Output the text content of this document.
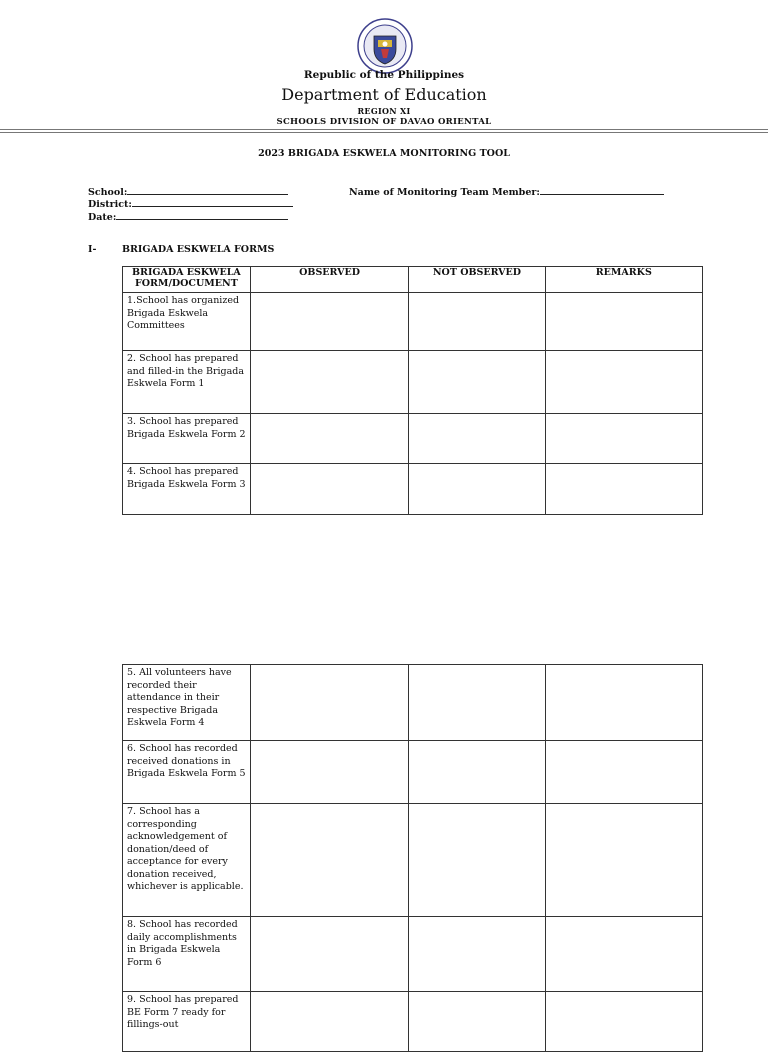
Republic of the Philippines
Department of Education
REGION XI
SCHOOLS DIVISION OF DAVAO ORIENTAL
2023 BRIGADA ESKWELA MONITORING TOOL
School:
District:
Date:
Name of Monitoring Team Member:
I-	BRIGADA ESKWELA FORMS
BRIGADA ESKWELA FORM/DOCUMENT	OBSERVED	NOT OBSERVED	REMARKS
1.School has organized Brigada Eskwela Committees			
2. School has prepared and filled-in the Brigada Eskwela Form 1			
3. School has prepared Brigada Eskwela Form 2			
4. School has prepared Brigada Eskwela Form 3			
5. All volunteers have recorded their attendance in their respective Brigada Eskwela Form 4			
6. School has recorded received donations in Brigada Eskwela Form 5			
7. School has a corresponding acknowledgement of donation/deed of acceptance for every donation received, whichever is applicable.			
8. School has recorded daily accomplishments in Brigada Eskwela Form 6			
9. School has prepared BE Form 7 ready for fillings-out			
